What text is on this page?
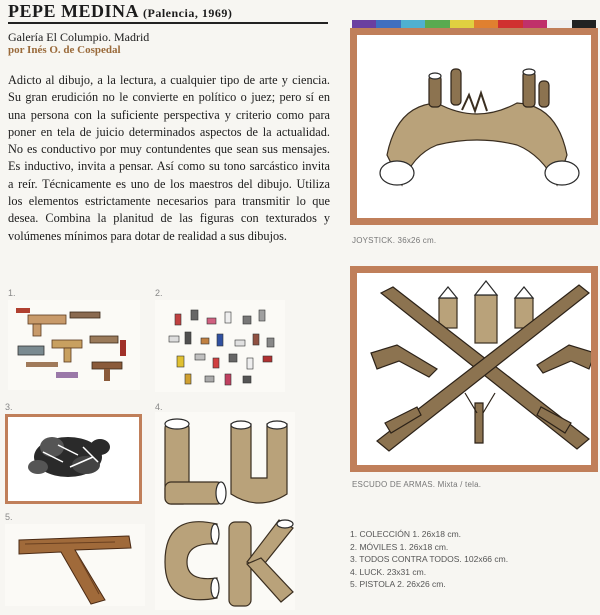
PEPE MEDINA (Palencia, 1969)
Galería El Columpio. Madrid
por Inés O. de Cospedal
Adicto al dibujo, a la lectura, a cualquier tipo de arte y ciencia. Su gran erudición no le convierte en político o juez; pero sí en una persona con la suficiente perspectiva y criterio como para poner en tela de juicio determinados aspectos de la actualidad. No es conductivo por muy contundentes que sean sus mensajes. Es inductivo, invita a pensar. Así como su tono sarcástico invita a reír. Técnicamente es uno de los maestros del dibujo. Utiliza los elementos estrictamente necesarios para transmitir lo que desea. Combina la planitud de las figuras con texturados y volúmenes mínimos para dotar de realidad a sus dibujos.
1.	2.
3.	4.
5.
JOYSTICK. 36x26 cm.
ESCUDO DE ARMAS. Mixta / tela.
1. COLECCIÓN 1. 26x18 cm.
2. MÓVILES 1. 26x18 cm.
3. TODOS CONTRA TODOS. 102x66 cm.
4. LUCK. 23x31 cm.
5. PISTOLA 2. 26x26 cm.
